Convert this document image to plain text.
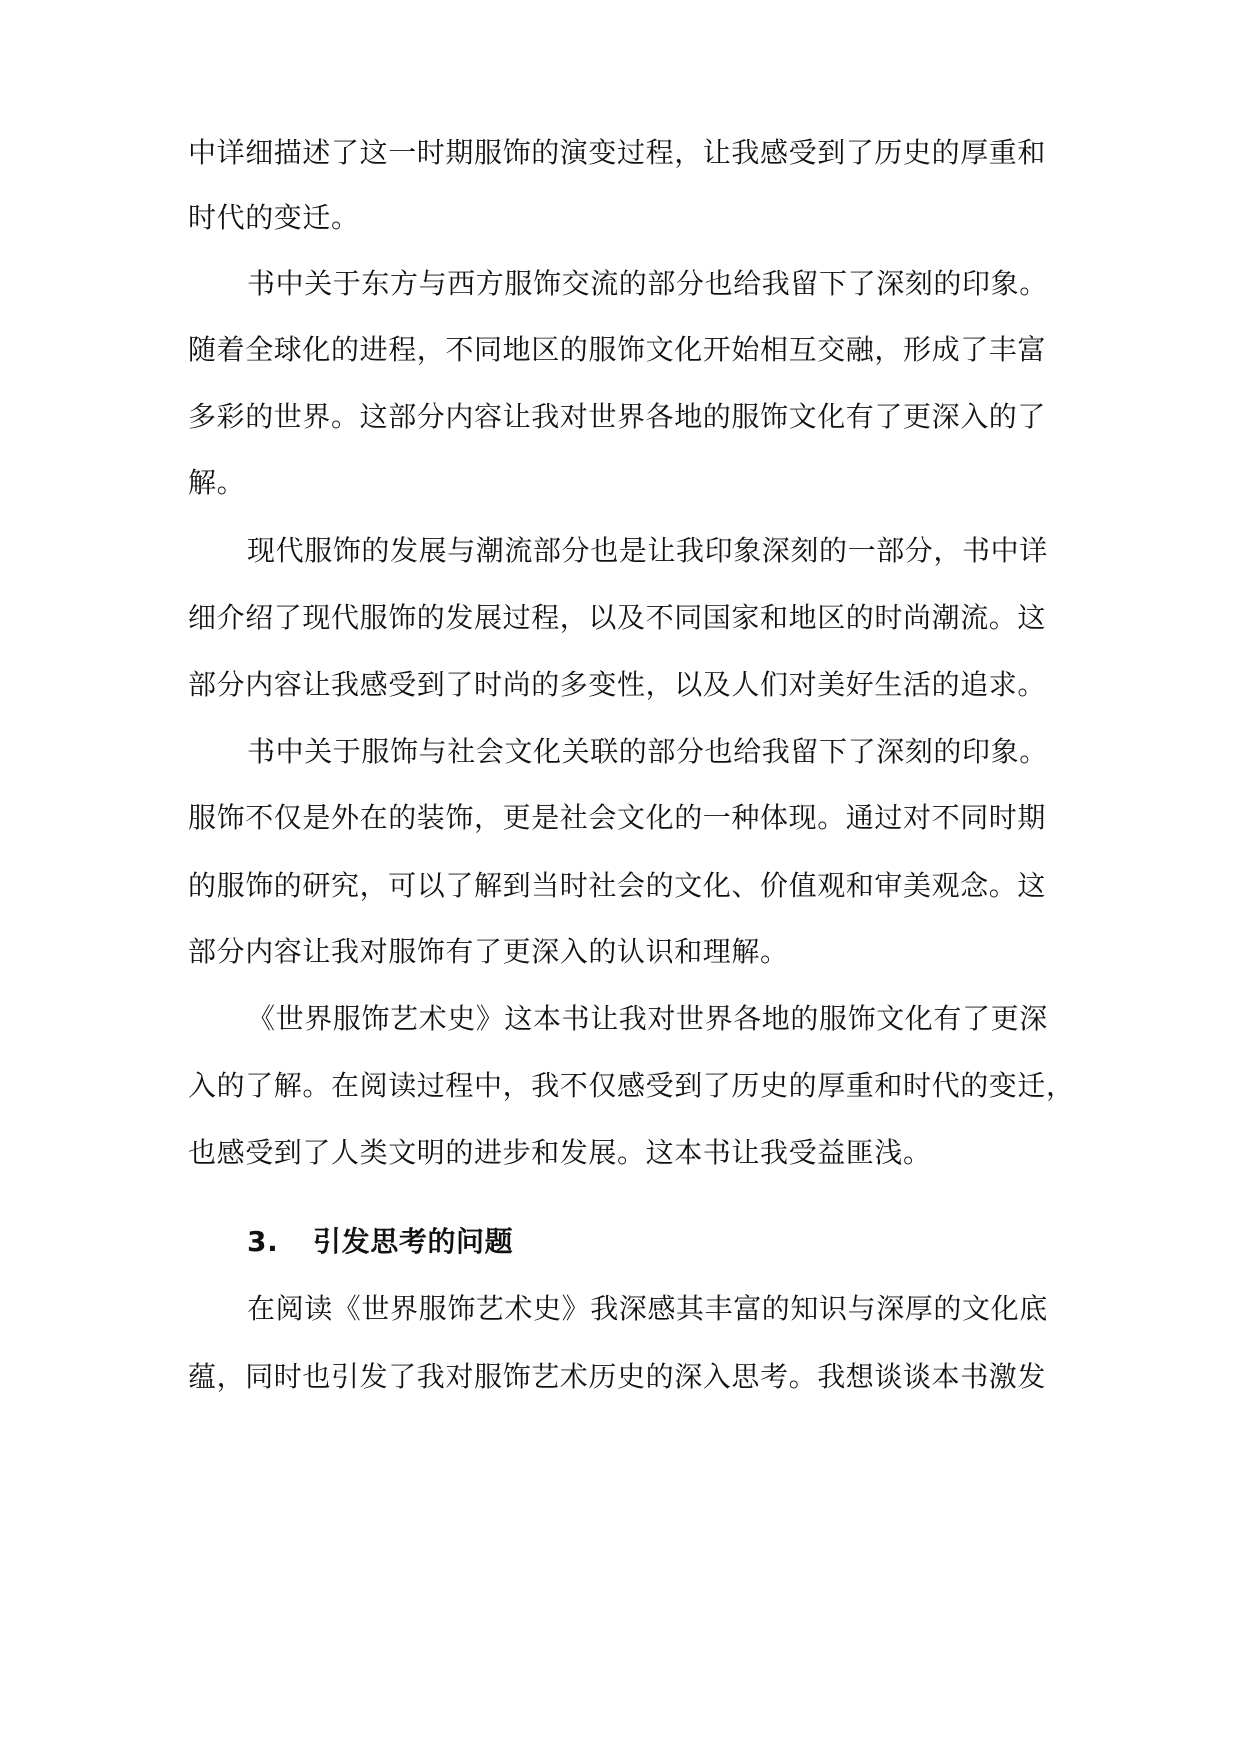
中详细描述了这一时期服饰的演变过程，让我感受到了历史的厚重和
时代的变迁。
书中关于东方与西方服饰交流的部分也给我留下了深刻的印象。
随着全球化的进程，不同地区的服饰文化开始相互交融，形成了丰富
多彩的世界。这部分内容让我对世界各地的服饰文化有了更深入的了
解。
现代服饰的发展与潮流部分也是让我印象深刻的一部分，书中详
细介绍了现代服饰的发展过程，以及不同国家和地区的时尚潮流。这
部分内容让我感受到了时尚的多变性，以及人们对美好生活的追求。
书中关于服饰与社会文化关联的部分也给我留下了深刻的印象。
服饰不仅是外在的装饰，更是社会文化的一种体现。通过对不同时期
的服饰的研究，可以了解到当时社会的文化、价值观和审美观念。这
部分内容让我对服饰有了更深入的认识和理解。
《世界服饰艺术史》这本书让我对世界各地的服饰文化有了更深
入的了解。在阅读过程中，我不仅感受到了历史的厚重和时代的变迁，
也感受到了人类文明的进步和发展。这本书让我受益匪浅。
3. 引发思考的问题
在阅读《世界服饰艺术史》我深感其丰富的知识与深厚的文化底
蕴，同时也引发了我对服饰艺术历史的深入思考。我想谈谈本书激发
